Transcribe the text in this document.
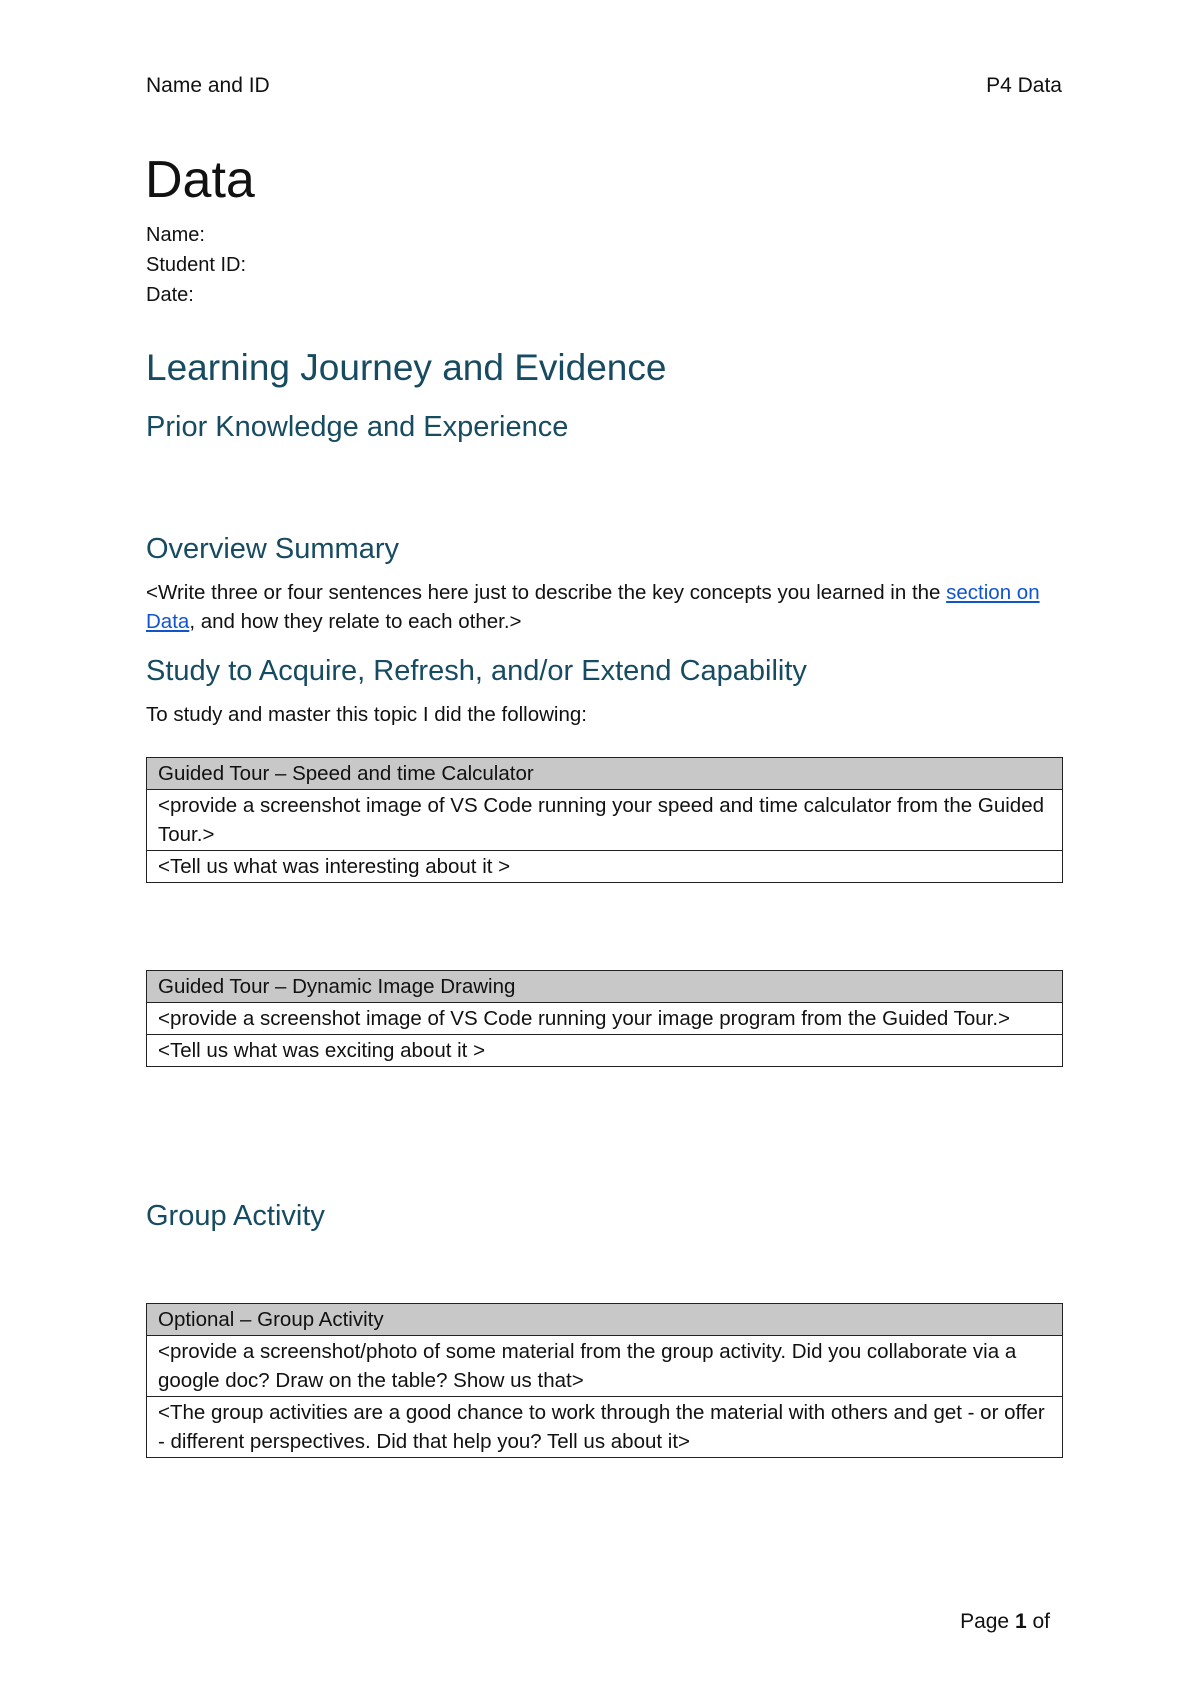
Name and ID	P4 Data
Data
Name:
Student ID:
Date:
Learning Journey and Evidence
Prior Knowledge and Experience
Overview Summary
<Write three or four sentences here just to describe the key concepts you learned in the section on Data, and how they relate to each other.>
Study to Acquire, Refresh, and/or Extend Capability
To study and master this topic I did the following:
Guided Tour – Speed and time Calculator
<provide a screenshot image of VS Code running your speed and time calculator from the Guided Tour.>
<Tell us what was interesting about it >
Guided Tour – Dynamic Image Drawing
<provide a screenshot image of VS Code running your image program from the Guided Tour.>
<Tell us what was exciting about it >
Group Activity
Optional – Group Activity
<provide a screenshot/photo of some material from the group activity. Did you collaborate via a google doc? Draw on the table? Show us that>
<The group activities are a good chance to work through the material with others and get - or offer - different perspectives. Did that help you? Tell us about it>
Page 1 of
